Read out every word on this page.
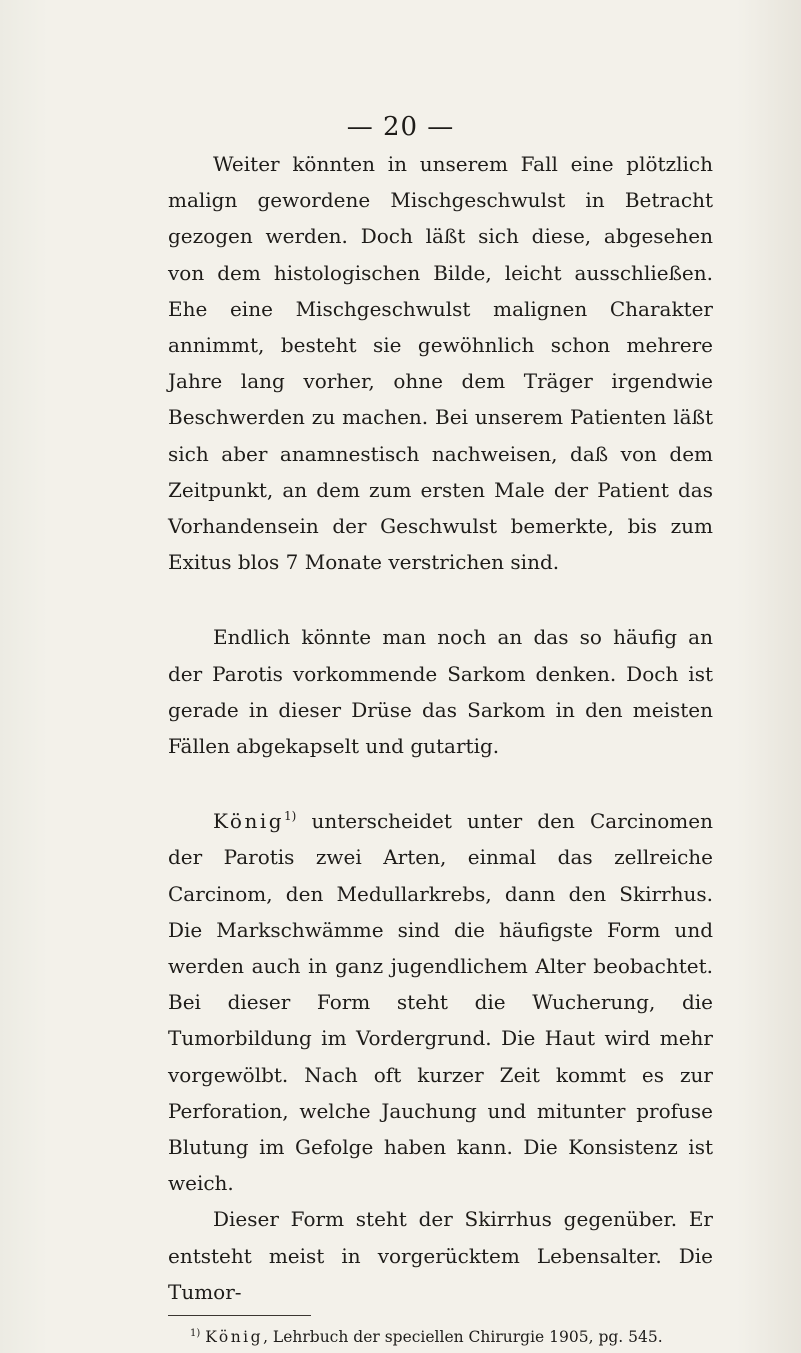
— 20 —

Weiter könnten in unserem Fall eine plötzlich malign gewordene Mischgeschwulst in Betracht gezogen werden. Doch läßt sich diese, abgesehen von dem histologischen Bilde, leicht ausschließen. Ehe eine Mischgeschwulst malignen Charakter annimmt, besteht sie gewöhnlich schon mehrere Jahre lang vorher, ohne dem Träger irgendwie Beschwerden zu machen. Bei unserem Patienten läßt sich aber anamnestisch nachweisen, daß von dem Zeitpunkt, an dem zum ersten Male der Patient das Vorhandensein der Geschwulst bemerkte, bis zum Exitus blos 7 Monate verstrichen sind.

Endlich könnte man noch an das so häufig an der Parotis vorkommende Sarkom denken. Doch ist gerade in dieser Drüse das Sarkom in den meisten Fällen abgekapselt und gutartig.

König$^{1)}$ unterscheidet unter den Carcinomen der Parotis zwei Arten, einmal das zellreiche Carcinom, den Medullarkrebs, dann den Skirrhus. Die Markschwämme sind die häufigste Form und werden auch in ganz jugendlichem Alter beobachtet. Bei dieser Form steht die Wucherung, die Tumorbildung im Vordergrund. Die Haut wird mehr vorgewölbt. Nach oft kurzer Zeit kommt es zur Perforation, welche Jauchung und mitunter profuse Blutung im Gefolge haben kann. Die Konsistenz ist weich.

Dieser Form steht der Skirrhus gegenüber. Er entsteht meist in vorgerücktem Lebensalter. Die Tumor-

$^{1)}$ König, Lehrbuch der speciellen Chirurgie 1905, pg. 545.
